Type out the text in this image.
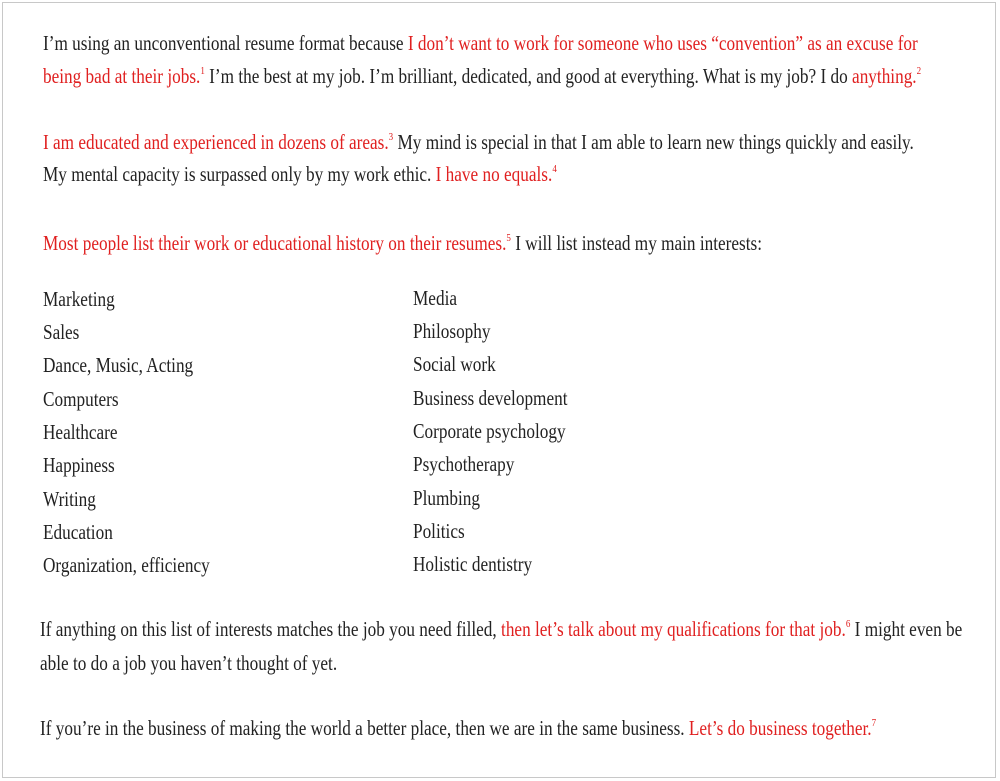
I’m using an unconventional resume format because I don’t want to work for someone who uses “convention” as an excuse for
being bad at their jobs.$^1$ I’m the best at my job. I’m brilliant, dedicated, and good at everything. What is my job? I do anything.$^2$
I am educated and experienced in dozens of areas.$^3$ My mind is special in that I am able to learn new things quickly and easily.
My mental capacity is surpassed only by my work ethic. I have no equals.$^4$
Most people list their work or educational history on their resumes.$^5$ I will list instead my main interests:
Marketing
Sales
Dance, Music, Acting
Computers
Healthcare
Happiness
Writing
Education
Organization, efficiency
Media
Philosophy
Social work
Business development
Corporate psychology
Psychotherapy
Plumbing
Politics
Holistic dentistry
If anything on this list of interests matches the job you need filled, then let’s talk about my qualifications for that job.$^6$ I might even be
able to do a job you haven’t thought of yet.
If you’re in the business of making the world a better place, then we are in the same business. Let’s do business together.$^7$
